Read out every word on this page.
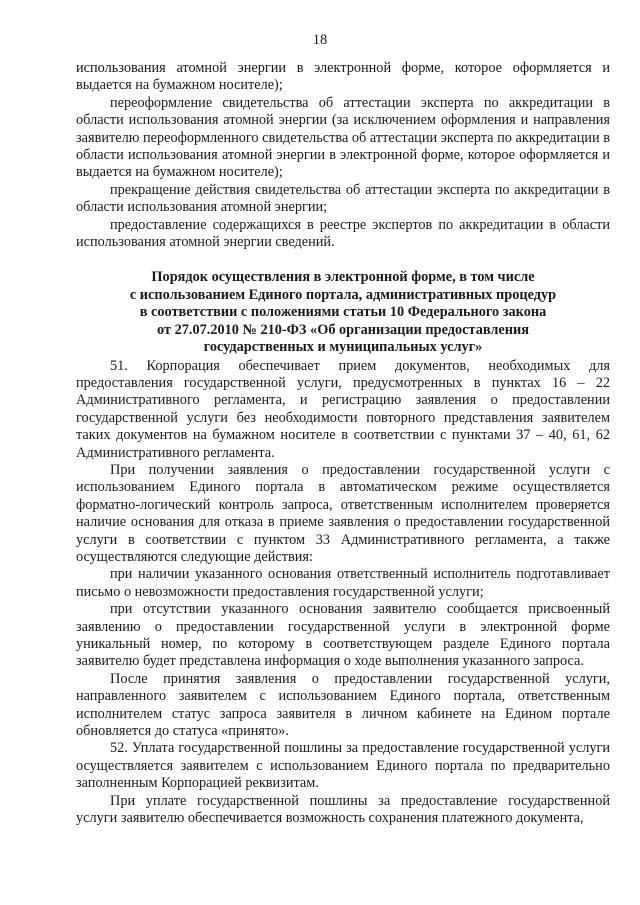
18

использования атомной энергии в электронной форме, которое оформляется и выдается на бумажном носителе);

переоформление свидетельства об аттестации эксперта по аккредитации в области использования атомной энергии (за исключением оформления и направления заявителю переоформленного свидетельства об аттестации эксперта по аккредитации в области использования атомной энергии в электронной форме, которое оформляется и выдается на бумажном носителе);

прекращение действия свидетельства об аттестации эксперта по аккредитации в области использования атомной энергии;

предоставление содержащихся в реестре экспертов по аккредитации в области использования атомной энергии сведений.

Порядок осуществления в электронной форме, в том числе
с использованием Единого портала, административных процедур
в соответствии с положениями статьи 10 Федерального закона
от 27.07.2010 № 210-ФЗ «Об организации предоставления
государственных и муниципальных услуг»

51. Корпорация обеспечивает прием документов, необходимых для предоставления государственной услуги, предусмотренных в пунктах 16 – 22 Административного регламента, и регистрацию заявления о предоставлении государственной услуги без необходимости повторного представления заявителем таких документов на бумажном носителе в соответствии с пунктами 37 – 40, 61, 62 Административного регламента.

При получении заявления о предоставлении государственной услуги с использованием Единого портала в автоматическом режиме осуществляется форматно-логический контроль запроса, ответственным исполнителем проверяется наличие основания для отказа в приеме заявления о предоставлении государственной услуги в соответствии с пунктом 33 Административного регламента, а также осуществляются следующие действия:

при наличии указанного основания ответственный исполнитель подготавливает письмо о невозможности предоставления государственной услуги;

при отсутствии указанного основания заявителю сообщается присвоенный заявлению о предоставлении государственной услуги в электронной форме уникальный номер, по которому в соответствующем разделе Единого портала заявителю будет представлена информация о ходе выполнения указанного запроса.

После принятия заявления о предоставлении государственной услуги, направленного заявителем с использованием Единого портала, ответственным исполнителем статус запроса заявителя в личном кабинете на Едином портале обновляется до статуса «принято».

52. Уплата государственной пошлины за предоставление государственной услуги осуществляется заявителем с использованием Единого портала по предварительно заполненным Корпорацией реквизитам.

При уплате государственной пошлины за предоставление государственной услуги заявителю обеспечивается возможность сохранения платежного документа,
